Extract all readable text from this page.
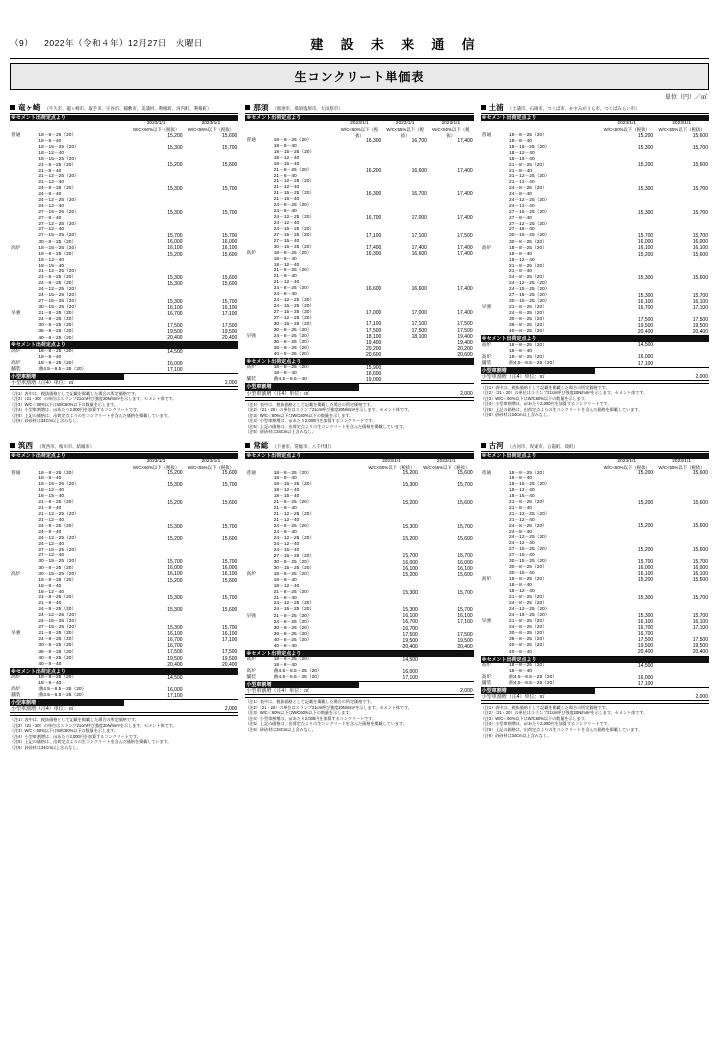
（9） 2022年（令和４年）12月27日　火曜日	建 設 未 来 通 信
生コンクリート単価表
単位（円）／㎥
竜ヶ崎 （牛久市、龍ヶ崎市、取手市、守谷市、稲敷市、美浦村、利根町、河内町、利根町）
※セメント出荷定点より			
		2023/1/1	2023/1/1
		W/C<60%以下（税抜）	W/C<55%以下（税抜）
普通	18－8－25（20）	15,200	15,600
	18－8－40		
	18－15－25（20）	15,300	15,700
	18－12－40		
	18－15－25（20）		
	21－8－25（20）	15,200	15,600
	21－8－40		
	21－12－25（20）		
	21－12－40		
	24－8－25（20）	15,300	15,700
	24－8－40		
	24－12－25（20）		
	24－12－40		
	27－15－25（20）	15,300	15,700
	27－8－40		
	27－12－25（20）		
	27－12－40		
	27－15－25（20）	15,700	15,700
	30－8－25（20）	16,000	16,000
高炉	18－15－25（20）	16,100	16,100
	18－8－25（20）	15,200	15,600
	18－12－40		
	18－15－40		
	21－12－25（20）		
	21－8－25（20）	15,300	15,600
	24－8－25（20）	15,300	15,600
	24－12－25（20）		
	24－15－25（20）		
	27－15－25（20）	15,300	15,700
	30－15－25（20）	16,100	16,100
早強	21－8－25（20）	16,700	17,100
	24－8－25（20）		
	30－8－25（20）	17,500	17,500
	36－8－25（20）	19,500	19,500
	40－8－25（20）	20,400	20,400
※セメント出荷定点より			
高炉	18－8－25（20）	14,500	
	18－8－40		
高炉	18－8－25（20）	16,000	
舗装	曲4.5－6.5－25（20）	17,100	
小型車割増
小型車割増（注4）単位：㎥	2,000
（注1）表中は、税抜価格として記載を掲載した場合の所定価格です。
（注2）（21・20）の単位はスランプ21cm呼び強度20N/mm²を示します。セメント体です。
（注3）W/C＜60%以下はW/C60%以下の数量を示します。
（注4）小型車割増は、㎥あたり2,000円を加算するコンクリートです。
（注5）上記の価格は、出荷定点よりの生コンクリートを含んだ価格を掲載しています。
（注6）砂砂材は34Cm以上含みなし。
那須 （那須市、那須塩原市、大田原市）
※セメント出荷定点より				
		2023/1/1	2023/1/1	2023/1/1
		W/C<60%以下（税抜）	W/C<55%以下（税抜）	W/C<50%以下（税抜）
普通	18－8－25（20）	16,300	16,700	17,400
	18－8－40			
	18－15－25（20）			
	18－12－40			
	18－15－40			
	21－8－25（20）	16,200	16,600	17,400
	21－8－40			
	21－12－25（20）			
	21－12－40			
	21－15－25（20）	16,300	16,700	17,400
	21－15－40			
	24－8－25（20）			
	24－8－40			
	24－12－25（20）	16,700	17,000	17,400
	24－12－40			
	24－15－25（20）			
	27－15－25（20）	17,100	17,100	17,500
	27－15－40			
	30－15－25（20）	17,400	17,400	17,400
高炉	18－8－25（20）	16,300	16,600	17,400
	18－8－40			
	18－12－40			
	21－8－25（20）			
	21－8－40			
	21－12－40			
	24－8－25（20）	16,600	16,600	17,400
	24－8－40			
	24－12－25（20）			
	24－15－25（20）			
	27－15－25（20）	17,000	17,000	17,400
	27－12－25（20）			
	30－15－25（20）	17,100	17,100	17,500
	30－8－25（20）	17,500	17,500	17,500
早強	24－8－25（20）	18,100	18,100	19,400
	30－8－25（20）	19,400		19,400
	36－8－25（20）	20,200		20,200
	40－8－25（20）	20,600		20,600
※セメント出荷定点より				
高炉	18－8－25（20）	15,900		
	18－8－40	16,600		
舗装	曲4.5－6.5－40	19,000		
小型車割増
小型車割増（注4）単位：㎥	2,000
（注1）表中は、税抜価格として記載を掲載した場合の所定価格です。
（注2）（21・20）の単位はスランプ21cm呼び強度20N/mm²を示します。セメント体です。
（注3）W/C＜60%以下はW/C60%以下の数量を示します。
（注4）小型車割増は、㎥あたり2,000円を加算するコンクリートです。
（注5）上記の価格は、出荷定点よりの生コンクリートを含んだ価格を掲載しています。
（注6）砂砂材は34Cm以上含みなし。
土浦 （土浦市、石岡市、つくば市、かすみがうら市、つくばみらい市）
※セメント出荷定点より			
		2023/1/1	2023/1/1
		W/C<60%以下（税抜）	W/C<55%以下（税抜）
普通	18－8－25（20）	15,200	15,600
	18－8－40		
	18－15－25（20）	15,300	15,700
	18－12－40		
	18－15－40		
	21－8－25（20）	15,200	15,600
	21－8－40		
	21－12－25（20）		
	21－12－40		
	24－8－25（20）	15,300	15,700
	24－8－40		
	24－12－25（20）		
	24－12－40		
	27－15－25（20）	15,300	15,700
	27－8－40		
	27－12－25（20）		
	27－15－40		
	30－15－25（20）	15,700	15,700
	30－8－25（20）	16,000	16,000
高炉	18－8－25（20）	16,100	16,100
	18－8－40	15,200	15,600
	18－12－40		
	21－8－25（20）		
	21－8－40		
	24－8－25（20）	15,300	15,600
	24－12－25（20）		
	24－15－25（20）		
	27－15－25（20）	15,300	15,700
	30－15－25（20）	16,100	16,100
早強	21－8－25（20）	16,700	17,100
	24－8－25（20）		
	30－8－25（20）	17,500	17,500
	36－8－25（20）	19,500	19,500
	40－8－25（20）	20,400	20,400
※セメント出荷定点より			
高炉	18－8－25（20）	14,500	
	18－8－40		
高炉	18－8－25（20）	16,000	
舗装	曲4.5－6.5－25（20）	17,100	
小型車割増
小型車割増（注4）単位：㎥	2,000
（注1）表中は、税抜価格として記載を掲載した場合の所定価格です。
（注2）（21・20）の単位はスランプ21cm呼び強度20N/mm²を示します。セメント体です。
（注3）W/C＜60%以下はW/C60%以下の数量を示します。
（注4）小型車割増は、㎥あたり2,000円を加算するコンクリートです。
（注5）上記の価格は、出荷定点よりの生コンクリートを含んだ価格を掲載しています。
（注6）砂砂材は34Cm以上含みなし。
筑西 （筑西市、桜川市、結城市）
※セメント出荷定点より			
		2023/1/1	2023/1/1
		W/C<60%以下（税抜）	W/C<55%以下（税抜）
普通	18－8－25（20）	15,200	15,600
	18－8－40		
	18－15－25（20）	15,300	15,700
	18－12－40		
	18－15－40		
	21－8－25（20）	15,200	15,600
	21－8－40		
	21－12－25（20）		
	21－12－40		
	24－8－25（20）	15,300	15,700
	24－8－40		
	24－12－25（20）	15,200	15,600
	24－12－40		
	27－15－25（20）		
	27－12－40		
	30－15－25（20）	15,700	15,700
	30－8－25（20）	16,000	16,000
高炉	30－15－25（20）	16,100	16,100
	18－8－25（20）	15,200	15,600
	18－8－40		
	18－12－40		
	21－8－25（20）	15,300	15,700
	21－8－40		
	24－8－25（20）	15,300	15,600
	24－12－25（20）		
	24－15－25（20）		
	27－15－25（20）	15,300	15,700
早強	21－8－25（20）	16,100	16,100
	24－8－25（20）	16,700	17,100
	30－8－25（20）	16,700	
	36－8－25（20）	17,500	17,500
	40－8－25（20）	19,500	19,500
	40－8－40	20,400	20,400
※セメント出荷定点より			
高炉	18－8－25（20）	14,500	
	18－8－40		
高炉	曲4.5－6.5－25（20）	16,000	
舗装	曲4.5－6.5－25（20）	17,100	
小型車割増
小型車割増（注4）単位：㎥	2,000
（注1）表中は、税抜価格として記載を掲載した場合の所定価格です。
（注2）（21・20）の単位はスランプ21cm呼び強度20N/mm²を示します。セメント体です。
（注3）W/C＜60%以下はW/C60%以下の数量を示します。
（注4）小型車割増は、㎥あたり2,000円を加算するコンクリートです。
（注5）上記の価格は、出荷定点よりの生コンクリートを含んだ価格を掲載しています。
（注6）砂砂材は34Cm以上含みなし。
常総 （下妻市、常総市、八千代町）
※セメント出荷定点より			
		2023/1/1	2023/1/1
		W/C<60%以下（税抜）	W/C<55%以下（税抜）
普通	18－8－25（20）	15,200	15,600
	18－8－40		
	18－15－25（20）	15,300	15,700
	18－12－40		
	18－15－40		
	21－8－25（20）	15,200	15,600
	21－8－40		
	21－12－25（20）		
	21－12－40		
	24－8－25（20）	15,300	15,700
	24－8－40		
	24－12－25（20）	15,200	15,600
	24－12－40		
	24－15－40		
	27－15－25（20）	15,700	15,700
	30－8－25（20）	16,000	16,000
	30－15－25（20）	16,100	16,100
高炉	18－8－25（20）	15,200	15,600
	18－8－40		
	18－12－40		
	21－8－25（20）	15,300	15,700
	21－8－40		
	24－12－25（20）		
	24－15－25（20）	15,300	15,700
早強	21－8－25（20）	16,100	16,100
	24－8－25（20）	16,700	17,100
	30－8－25（20）	16,700	
	36－8－25（20）	17,500	17,500
	40－8－25（20）	19,500	19,500
	40－8－40	20,400	20,400
※セメント出荷定点より			
高炉	18－8－25（20）	14,500	
	18－8－40		
高炉	曲4.5－6.5－25（20）	16,000	
舗装	曲4.5－6.5－25（20）	17,100	
小型車割増
小型車割増（注4）単位：㎥	2,000
（注1）表中は、税抜価格として記載を掲載した場合の所定価格です。
（注2）（21・20）の単位はスランプ21cm呼び強度20N/mm²を示します。セメント体です。
（注3）W/C＜60%以下はW/C60%以下の数量を示します。
（注4）小型車割増は、㎥あたり2,000円を加算するコンクリートです。
（注5）上記の価格は、出荷定点よりの生コンクリートを含んだ価格を掲載しています。
（注6）砂砂材は34Cm以上含みなし。
古河 （古河市、坂東市、五霞町、境町）
※セメント出荷定点より			
		2023/1/1	2023/1/1
		W/C<60%以下（税抜）	W/C<55%以下（税抜）
普通	18－8－25（20）	15,200	15,600
	18－8－40		
	18－15－25（20）		
	18－12－40		
	18－15－40		
	21－8－25（20）	15,200	15,600
	21－8－40		
	21－12－25（20）		
	21－12－40		
	24－8－25（20）	15,200	15,600
	24－8－40		
	24－12－25（20）		
	24－12－40		
	27－15－25（20）	15,200	15,600
	27－15－40		
	30－15－25（20）	15,700	15,700
	30－8－25（20）	16,000	16,000
	30－15－40	16,100	16,100
高炉	18－8－25（20）	15,200	15,600
	18－8－40		
	18－12－40		
	21－8－25（20）	15,300	15,700
	24－8－25（20）		
	24－12－25（20）		
	24－15－25（20）	15,300	15,700
早強	21－8－25（20）	16,100	16,100
	24－8－25（20）	16,700	17,100
	30－8－25（20）	16,700	
	36－8－25（20）	17,500	17,500
	40－8－25（20）	19,500	19,500
	40－8－40	20,400	20,400
※セメント出荷定点より			
高炉	18－8－25（20）	14,500	
	18－8－40		
高炉	曲4.5－6.5－25（20）	16,000	
舗装	曲4.5－6.5－25（20）	17,100	
小型車割増
小型車割増（注4）単位：㎥	2,000
（注1）表中は、税抜価格として記載を掲載した場合の所定価格です。
（注2）（21・20）の単位はスランプ21cm呼び強度20N/mm²を示します。セメント体です。
（注3）W/C＜60%以下はW/C60%以下の数量を示します。
（注4）小型車割増は、㎥あたり2,000円を加算するコンクリートです。
（注5）上記の価格は、出荷定点よりの生コンクリートを含んだ価格を掲載しています。
（注6）砂砂材は34Cm以上含みなし。
